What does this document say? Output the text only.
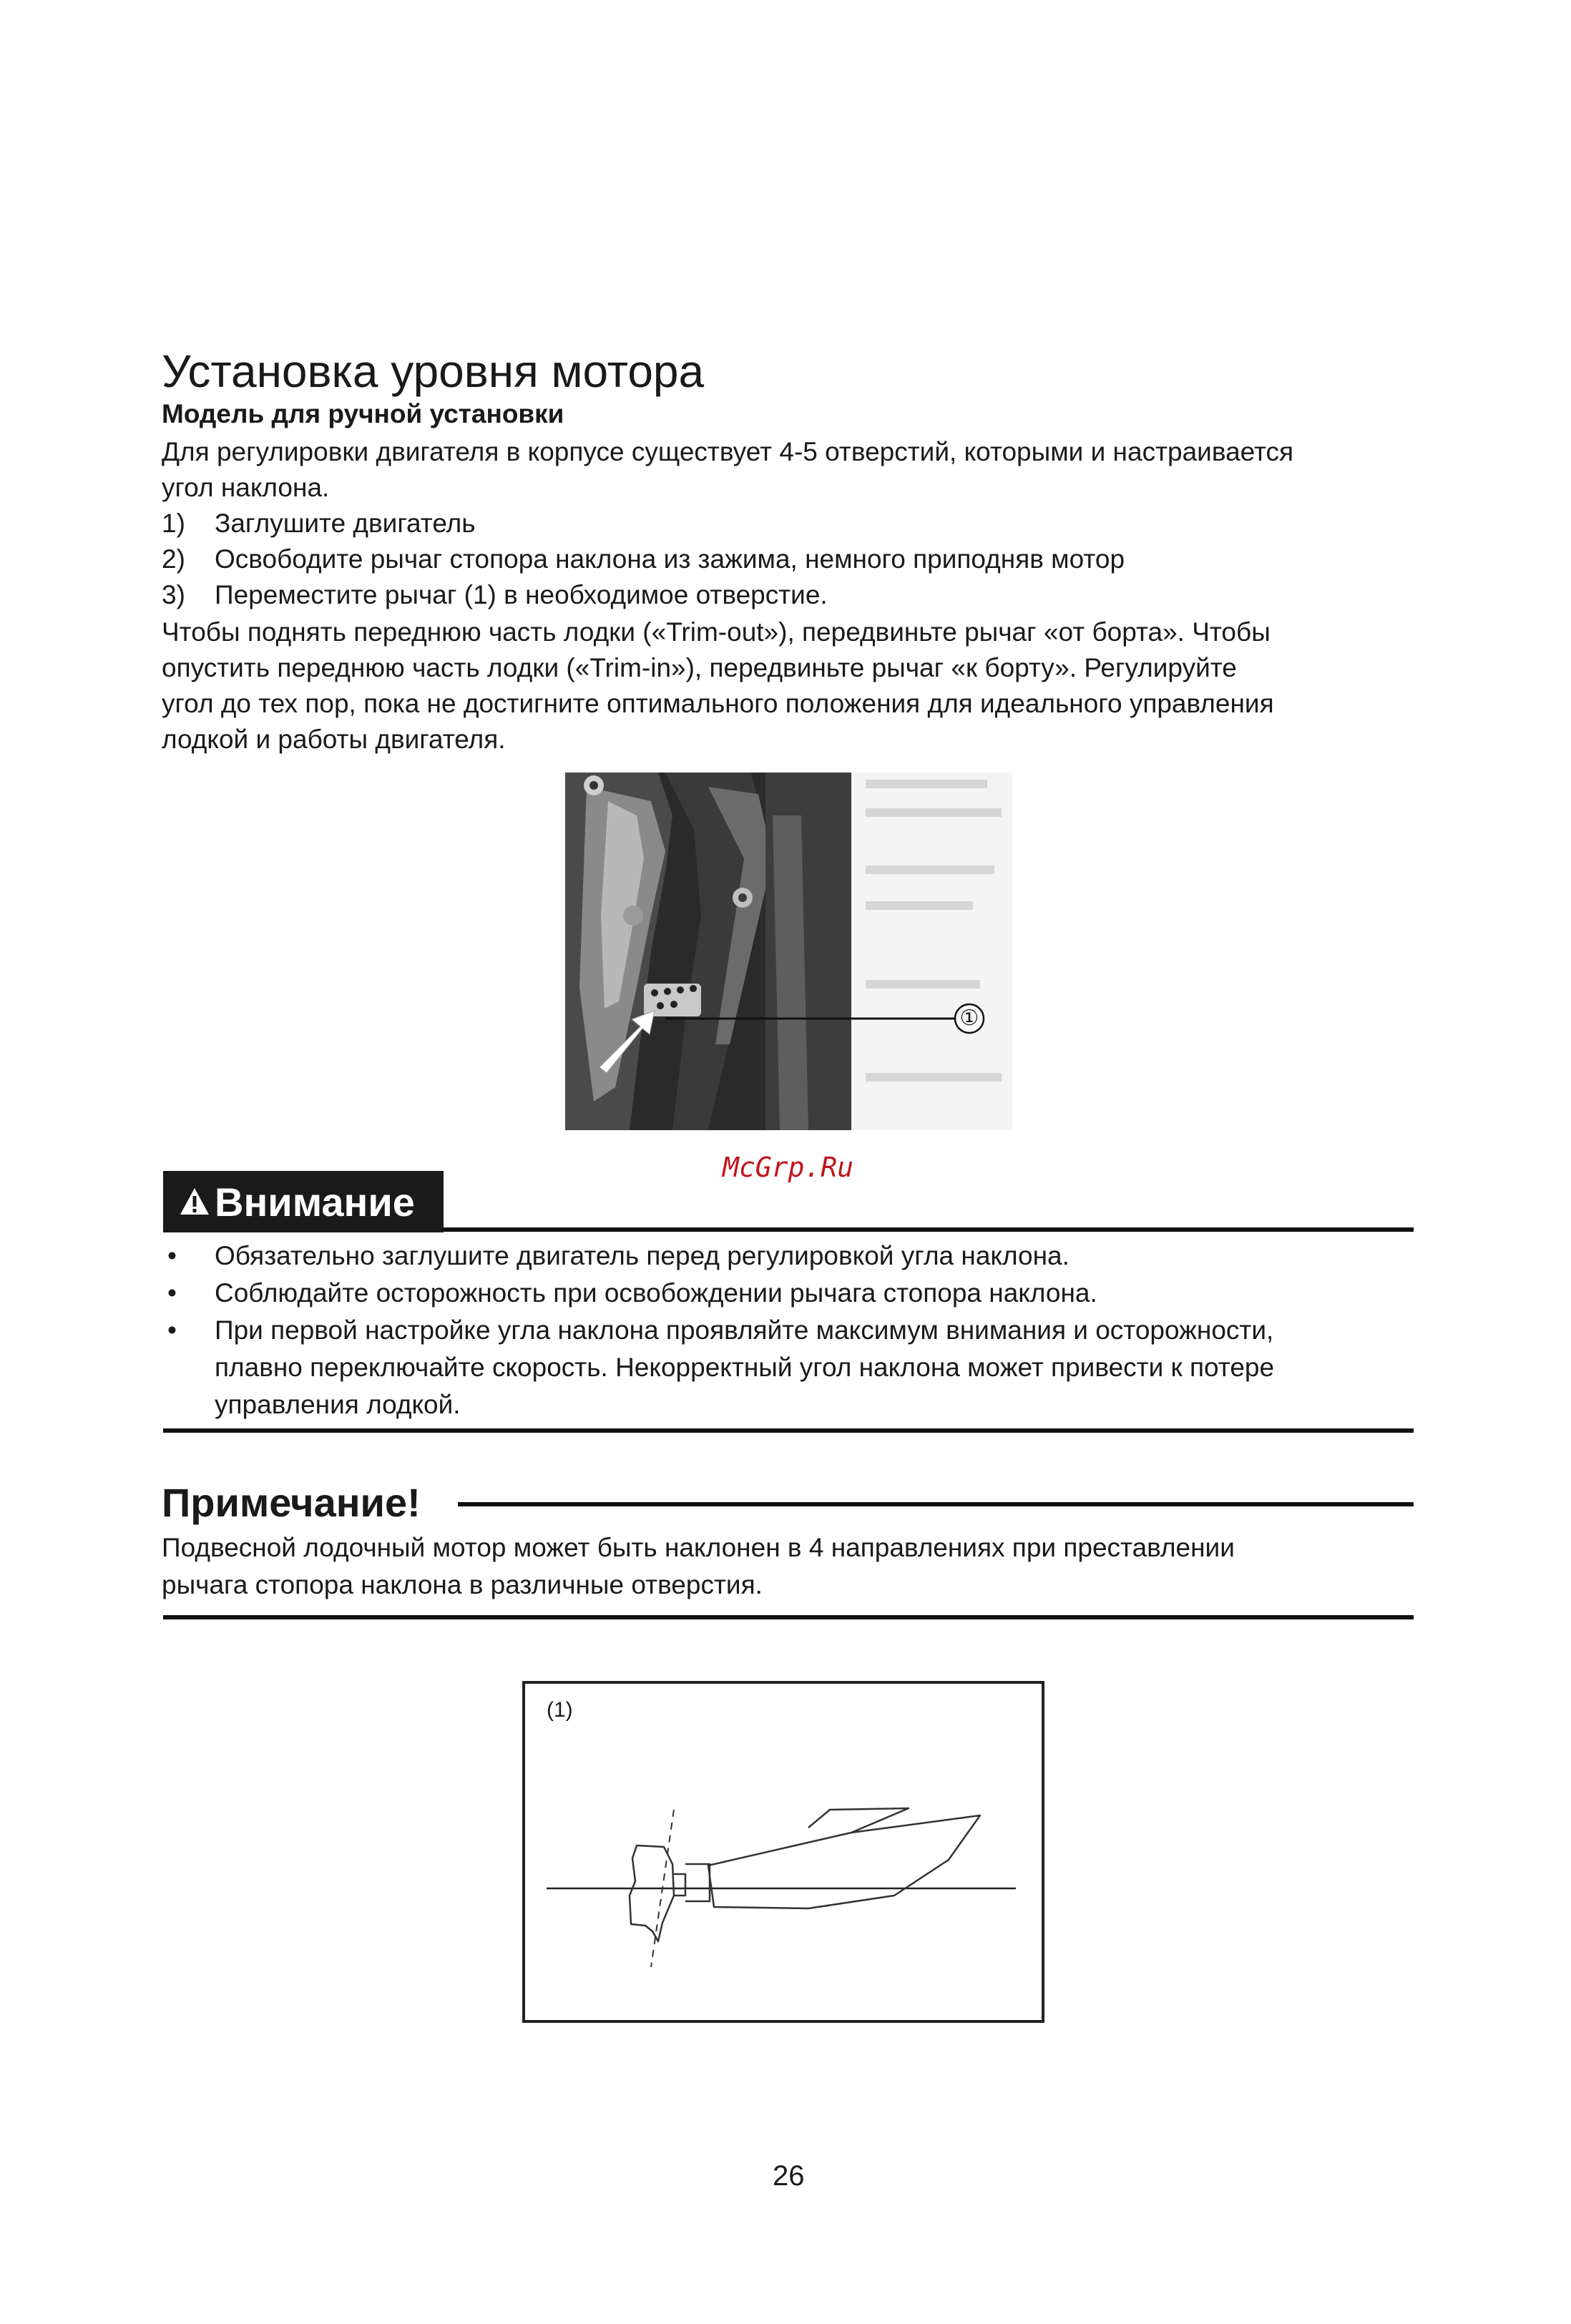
Установка уровня мотора
Модель для ручной установки
Для регулировки двигателя в корпусе существует 4-5 отверстий, которыми и настраивается
угол наклона.
1) Заглушите двигатель
2) Освободите рычаг стопора наклона из зажима, немного приподняв мотор
3) Переместите рычаг (1) в необходимое отверстие.
Чтобы поднять переднюю часть лодки («Trim-out»), передвиньте рычаг «от борта». Чтобы
опустить переднюю часть лодки («Trim-in»), передвиньте рычаг «к борту». Регулируйте
угол до тех пор, пока не достигните оптимального положения для идеального управления
лодкой и работы двигателя.
①
McGrp.Ru
Внимание
• Обязательно заглушите двигатель перед регулировкой угла наклона.
• Соблюдайте осторожность при освобождении рычага стопора наклона.
• При первой настройке угла наклона проявляйте максимум внимания и осторожности,
плавно переключайте скорость. Некорректный угол наклона может привести к потере
управления лодкой.
Примечание!
Подвесной лодочный мотор может быть наклонен в 4 направлениях при преставлении
рычага стопора наклона в различные отверстия.
(1)
26
